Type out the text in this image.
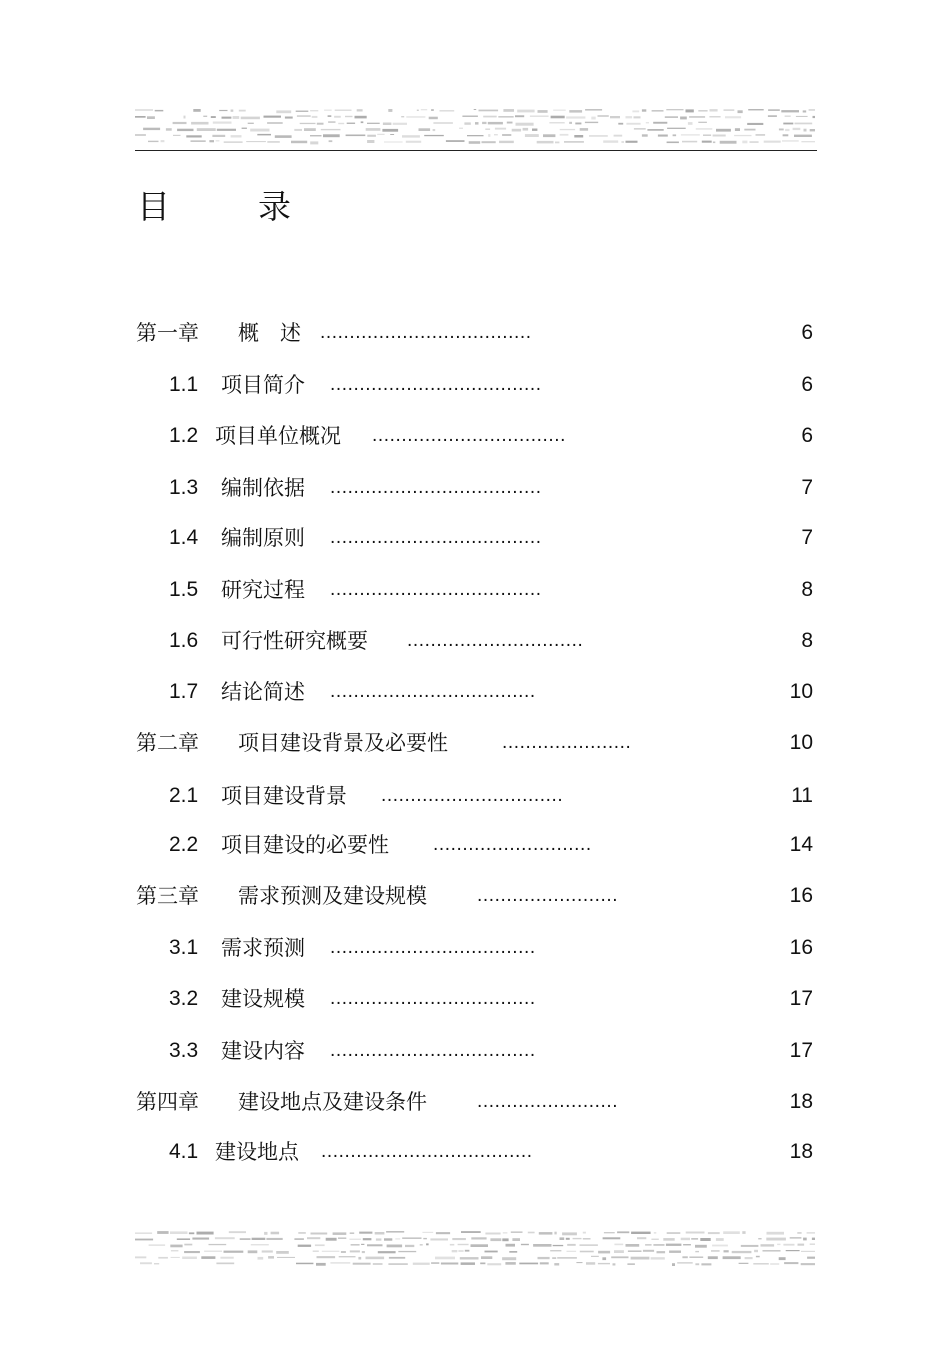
目	录
第一章 概　述 ....................................	6
1.1 项目简介 ....................................	6
1.2 项目单位概况 .................................	6
1.3 编制依据 ....................................	7
1.4 编制原则 ....................................	7
1.5 研究过程 ....................................	8
1.6 可行性研究概要 ..............................	8
1.7 结论简述 ...................................	10
第二章 项目建设背景及必要性	......................	10
2.1 项目建设背景 ...............................	11
2.2 项目建设的必要性 ...........................	14
第三章 需求预测及建设规模	........................	16
3.1 需求预测 ...................................	16
3.2 建设规模 ...................................	17
3.3 建设内容 ...................................	17
第四章 建设地点及建设条件	........................	18
4.1 建设地点 ....................................	18
